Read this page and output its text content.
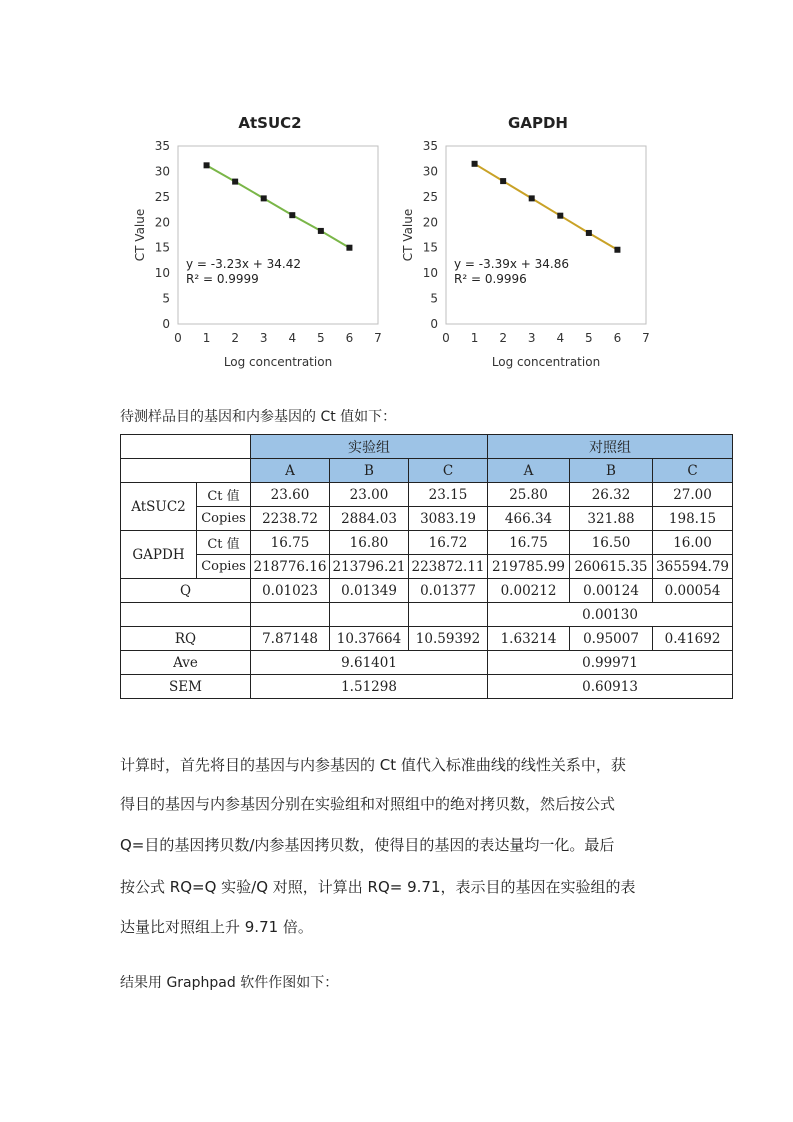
AtSUC2
0
5
10
15
20
25
30
35
0 1 2 3 4 5 6 7
CT Value
Log concentration
y = -3.23x + 34.42
R² = 0.9999
GAPDH
0
5
10
15
20
25
30
35
0 1 2 3 4 5 6 7
CT Value
Log concentration
y = -3.39x + 34.86
R² = 0.9996
待测样品目的基因和内参基因的 Ct 值如下：
		实验组			对照组		
		A	B	C	A	B	C
AtSUC2	Ct 值	23.60	23.00	23.15	25.80	26.32	27.00
	Copies	2238.72	2884.03	3083.19	466.34	321.88	198.15
GAPDH	Ct 值	16.75	16.80	16.72	16.75	16.50	16.00
	Copies	218776.16	213796.21	223872.11	219785.99	260615.35	365594.79
Q		0.01023	0.01349	0.01377	0.00212	0.00124	0.00054
					0.00130		
RQ		7.87148	10.37664	10.59392	1.63214	0.95007	0.41692
Ave		9.61401			0.99971		
SEM		1.51298			0.60913		
计算时，首先将目的基因与内参基因的 Ct 值代入标准曲线的线性关系中，获
得目的基因与内参基因分别在实验组和对照组中的绝对拷贝数，然后按公式
Q=目的基因拷贝数/内参基因拷贝数，使得目的基因的表达量均一化。最后
按公式 RQ=Q 实验/Q 对照，计算出 RQ= 9.71，表示目的基因在实验组的表
达量比对照组上升 9.71 倍。
结果用 Graphpad 软件作图如下：
